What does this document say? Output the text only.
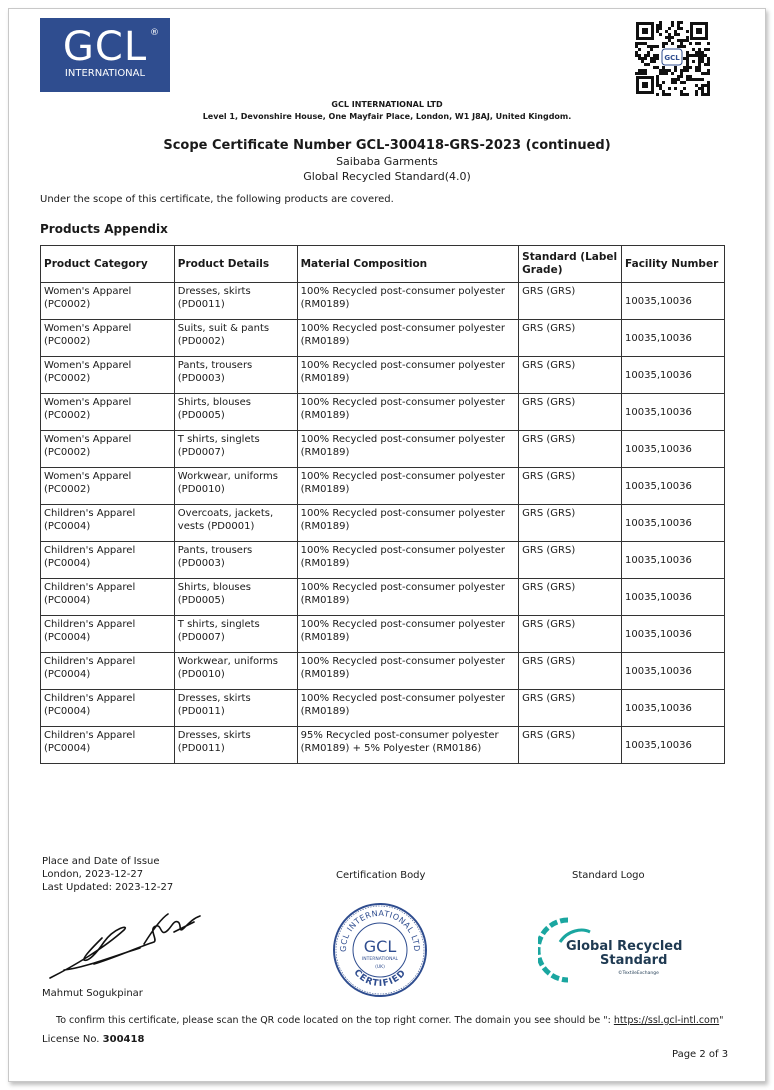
GCL ®
INTERNATIONAL
GCL
GCL INTERNATIONAL LTD
Level 1, Devonshire House, One Mayfair Place, London, W1 J8AJ, United Kingdom.
Scope Certificate Number GCL-300418-GRS-2023 (continued)
Saibaba Garments
Global Recycled Standard(4.0)
Under the scope of this certificate, the following products are covered.
Products Appendix
Product Category	Product Details	Material Composition	Standard (Label Grade)	Facility Number
Women's Apparel (PC0002)	Dresses, skirts (PD0011)	100% Recycled post-consumer polyester (RM0189)	GRS (GRS)	10035,10036
Women's Apparel (PC0002)	Suits, suit & pants (PD0002)	100% Recycled post-consumer polyester (RM0189)	GRS (GRS)	10035,10036
Women's Apparel (PC0002)	Pants, trousers (PD0003)	100% Recycled post-consumer polyester (RM0189)	GRS (GRS)	10035,10036
Women's Apparel (PC0002)	Shirts, blouses (PD0005)	100% Recycled post-consumer polyester (RM0189)	GRS (GRS)	10035,10036
Women's Apparel (PC0002)	T shirts, singlets (PD0007)	100% Recycled post-consumer polyester (RM0189)	GRS (GRS)	10035,10036
Women's Apparel (PC0002)	Workwear, uniforms (PD0010)	100% Recycled post-consumer polyester (RM0189)	GRS (GRS)	10035,10036
Children's Apparel (PC0004)	Overcoats, jackets, vests (PD0001)	100% Recycled post-consumer polyester (RM0189)	GRS (GRS)	10035,10036
Children's Apparel (PC0004)	Pants, trousers (PD0003)	100% Recycled post-consumer polyester (RM0189)	GRS (GRS)	10035,10036
Children's Apparel (PC0004)	Shirts, blouses (PD0005)	100% Recycled post-consumer polyester (RM0189)	GRS (GRS)	10035,10036
Children's Apparel (PC0004)	T shirts, singlets (PD0007)	100% Recycled post-consumer polyester (RM0189)	GRS (GRS)	10035,10036
Children's Apparel (PC0004)	Workwear, uniforms (PD0010)	100% Recycled post-consumer polyester (RM0189)	GRS (GRS)	10035,10036
Children's Apparel (PC0004)	Dresses, skirts (PD0011)	100% Recycled post-consumer polyester (RM0189)	GRS (GRS)	10035,10036
Children's Apparel (PC0004)	Dresses, skirts (PD0011)	95% Recycled post-consumer polyester (RM0189) + 5% Polyester (RM0186)	GRS (GRS)	10035,10036
Place and Date of Issue
London, 2023-12-27
Last Updated: 2023-12-27
Certification Body	Standard Logo
Mahmut Sogukpinar
GCL INTERNATIONAL LTD
CERTIFIED
GCL
INTERNATIONAL
(UK)
Global Recycled
Standard
©TextileExchange
To confirm this certificate, please scan the QR code located on the top right corner. The domain you see should be ": https://ssl.gcl-intl.com"
License No. 300418
Page 2 of 3
